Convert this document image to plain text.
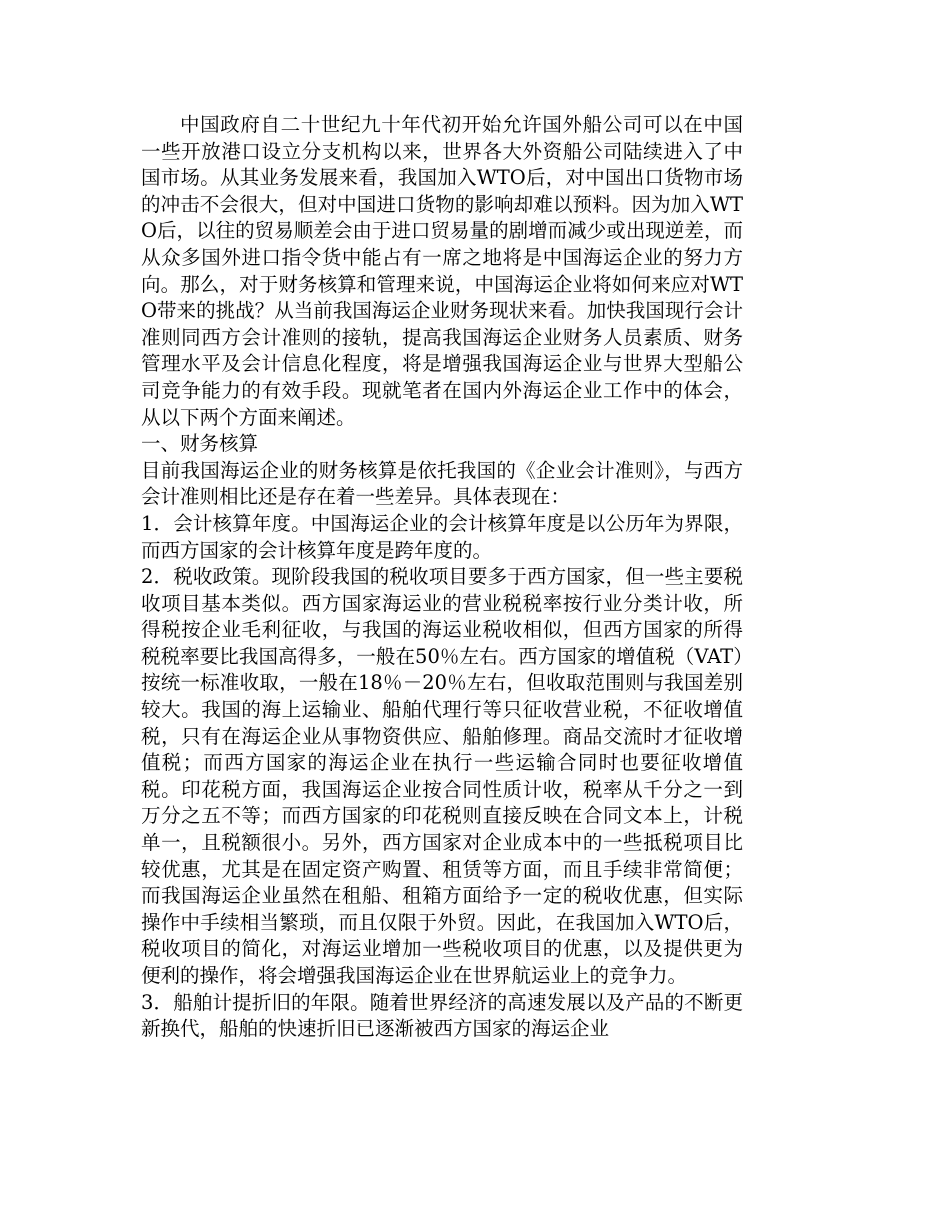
中国政府自二十世纪九十年代初开始允许国外船公司可以在中国一些开放港口设立分支机构以来，世界各大外资船公司陆续进入了中国市场。从其业务发展来看，我国加入WTO后，对中国出口货物市场的冲击不会很大，但对中国进口货物的影响却难以预料。因为加入WTO后，以往的贸易顺差会由于进口贸易量的剧增而减少或出现逆差，而从众多国外进口指令货中能占有一席之地将是中国海运企业的努力方向。那么，对于财务核算和管理来说，中国海运企业将如何来应对WTO带来的挑战？从当前我国海运企业财务现状来看。加快我国现行会计准则同西方会计准则的接轨，提高我国海运企业财务人员素质、财务管理水平及会计信息化程度，将是增强我国海运企业与世界大型船公司竞争能力的有效手段。现就笔者在国内外海运企业工作中的体会，从以下两个方面来阐述。

一、财务核算

目前我国海运企业的财务核算是依托我国的《企业会计准则》，与西方会计准则相比还是存在着一些差异。具体表现在：

1．会计核算年度。中国海运企业的会计核算年度是以公历年为界限，而西方国家的会计核算年度是跨年度的。

2．税收政策。现阶段我国的税收项目要多于西方国家，但一些主要税收项目基本类似。西方国家海运业的营业税税率按行业分类计收，所得税按企业毛利征收，与我国的海运业税收相似，但西方国家的所得税税率要比我国高得多，一般在50％左右。西方国家的增值税（VAT）按统一标准收取，一般在18％－20％左右，但收取范围则与我国差别较大。我国的海上运输业、船舶代理行等只征收营业税，不征收增值税，只有在海运企业从事物资供应、船舶修理。商品交流时才征收增值税；而西方国家的海运企业在执行一些运输合同时也要征收增值税。印花税方面，我国海运企业按合同性质计收，税率从千分之一到万分之五不等；而西方国家的印花税则直接反映在合同文本上，计税单一，且税额很小。另外，西方国家对企业成本中的一些抵税项目比较优惠，尤其是在固定资产购置、租赁等方面，而且手续非常简便；而我国海运企业虽然在租船、租箱方面给予一定的税收优惠，但实际操作中手续相当繁琐，而且仅限于外贸。因此，在我国加入WTO后，税收项目的简化，对海运业增加一些税收项目的优惠，以及提供更为便利的操作，将会增强我国海运企业在世界航运业上的竞争力。

3．船舶计提折旧的年限。随着世界经济的高速发展以及产品的不断更新换代，船舶的快速折旧已逐渐被西方国家的海运企业
